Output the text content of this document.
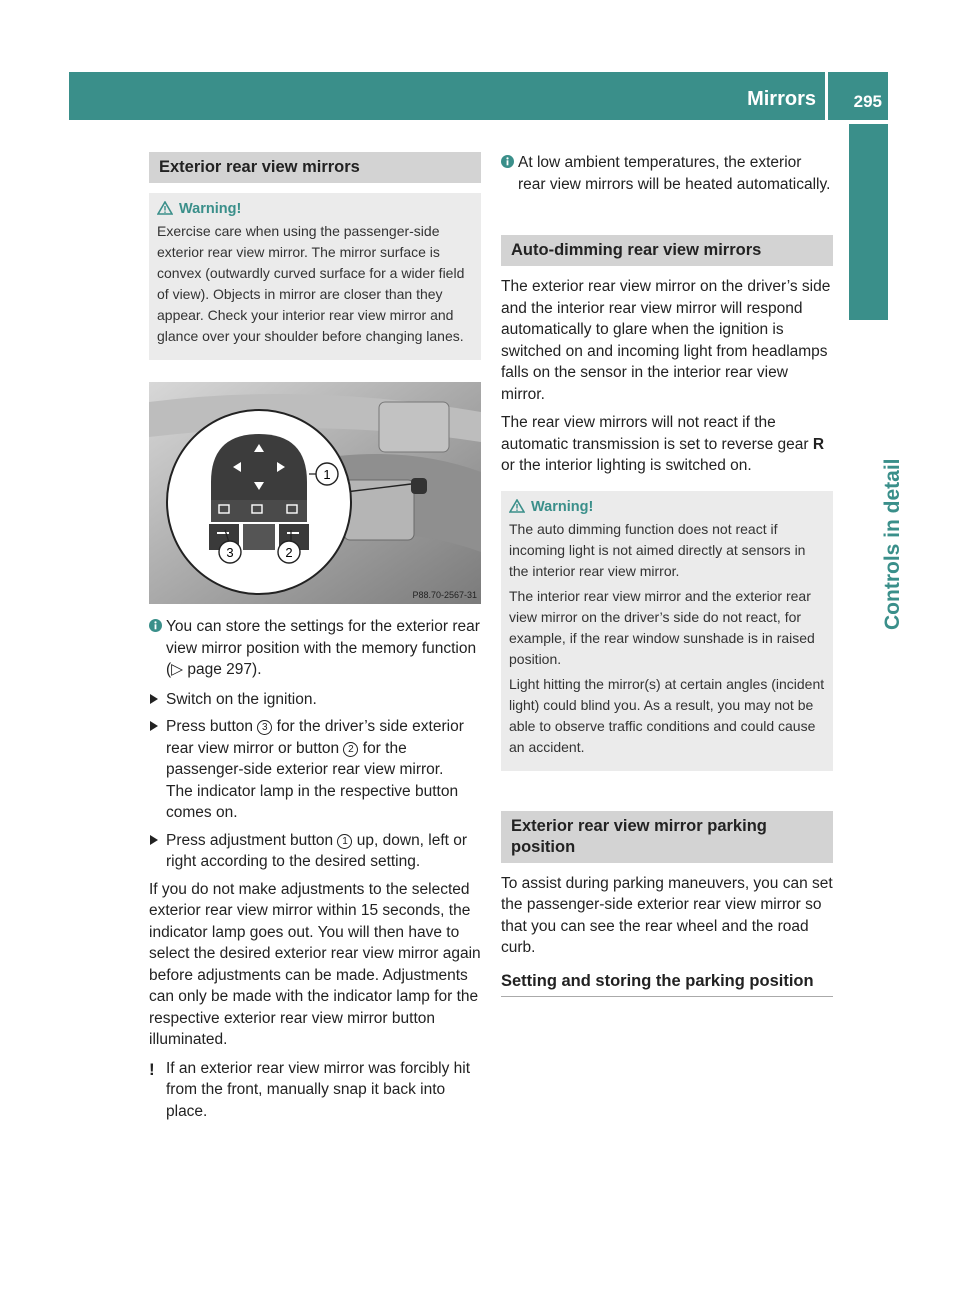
Mirrors 295
Controls in detail
Exterior rear view mirrors
Warning!

Exercise care when using the passenger-side exterior rear view mirror. The mirror surface is convex (outwardly curved surface for a wider field of view). Objects in mirror are closer than they appear. Check your interior rear view mirror and glance over your shoulder before changing lanes.

1
2
3
P88.70-2567-31
You can store the settings for the exterior rear view mirror position with the memory function (▷ page 297).
Switch on the ignition.
Press button 3 for the driver’s side exterior rear view mirror or button 2 for the passenger-side exterior rear view mirror.
The indicator lamp in the respective button comes on.
Press adjustment button 1 up, down, left or right according to the desired setting.

If you do not make adjustments to the selected exterior rear view mirror within 15 seconds, the indicator lamp goes out. You will then have to select the desired exterior rear view mirror again before adjustments can be made. Adjustments can only be made with the indicator lamp for the respective exterior rear view mirror button illuminated.

! If an exterior rear view mirror was forcibly hit from the front, manually snap it back into place.
At low ambient temperatures, the exterior rear view mirrors will be heated automatically.
Auto-dimming rear view mirrors

The exterior rear view mirror on the driver’s side and the interior rear view mirror will respond automatically to glare when the ignition is switched on and incoming light from headlamps falls on the sensor in the interior rear view mirror.

The rear view mirrors will not react if the automatic transmission is set to reverse gear R or the interior lighting is switched on.

Warning!

The auto dimming function does not react if incoming light is not aimed directly at sensors in the interior rear view mirror.

The interior rear view mirror and the exterior rear view mirror on the driver’s side do not react, for example, if the rear window sunshade is in raised position.

Light hitting the mirror(s) at certain angles (incident light) could blind you. As a result, you may not be able to observe traffic conditions and could cause an accident.

Exterior rear view mirror parking position

To assist during parking maneuvers, you can set the passenger-side exterior rear view mirror so that you can see the rear wheel and the road curb.

Setting and storing the parking position
